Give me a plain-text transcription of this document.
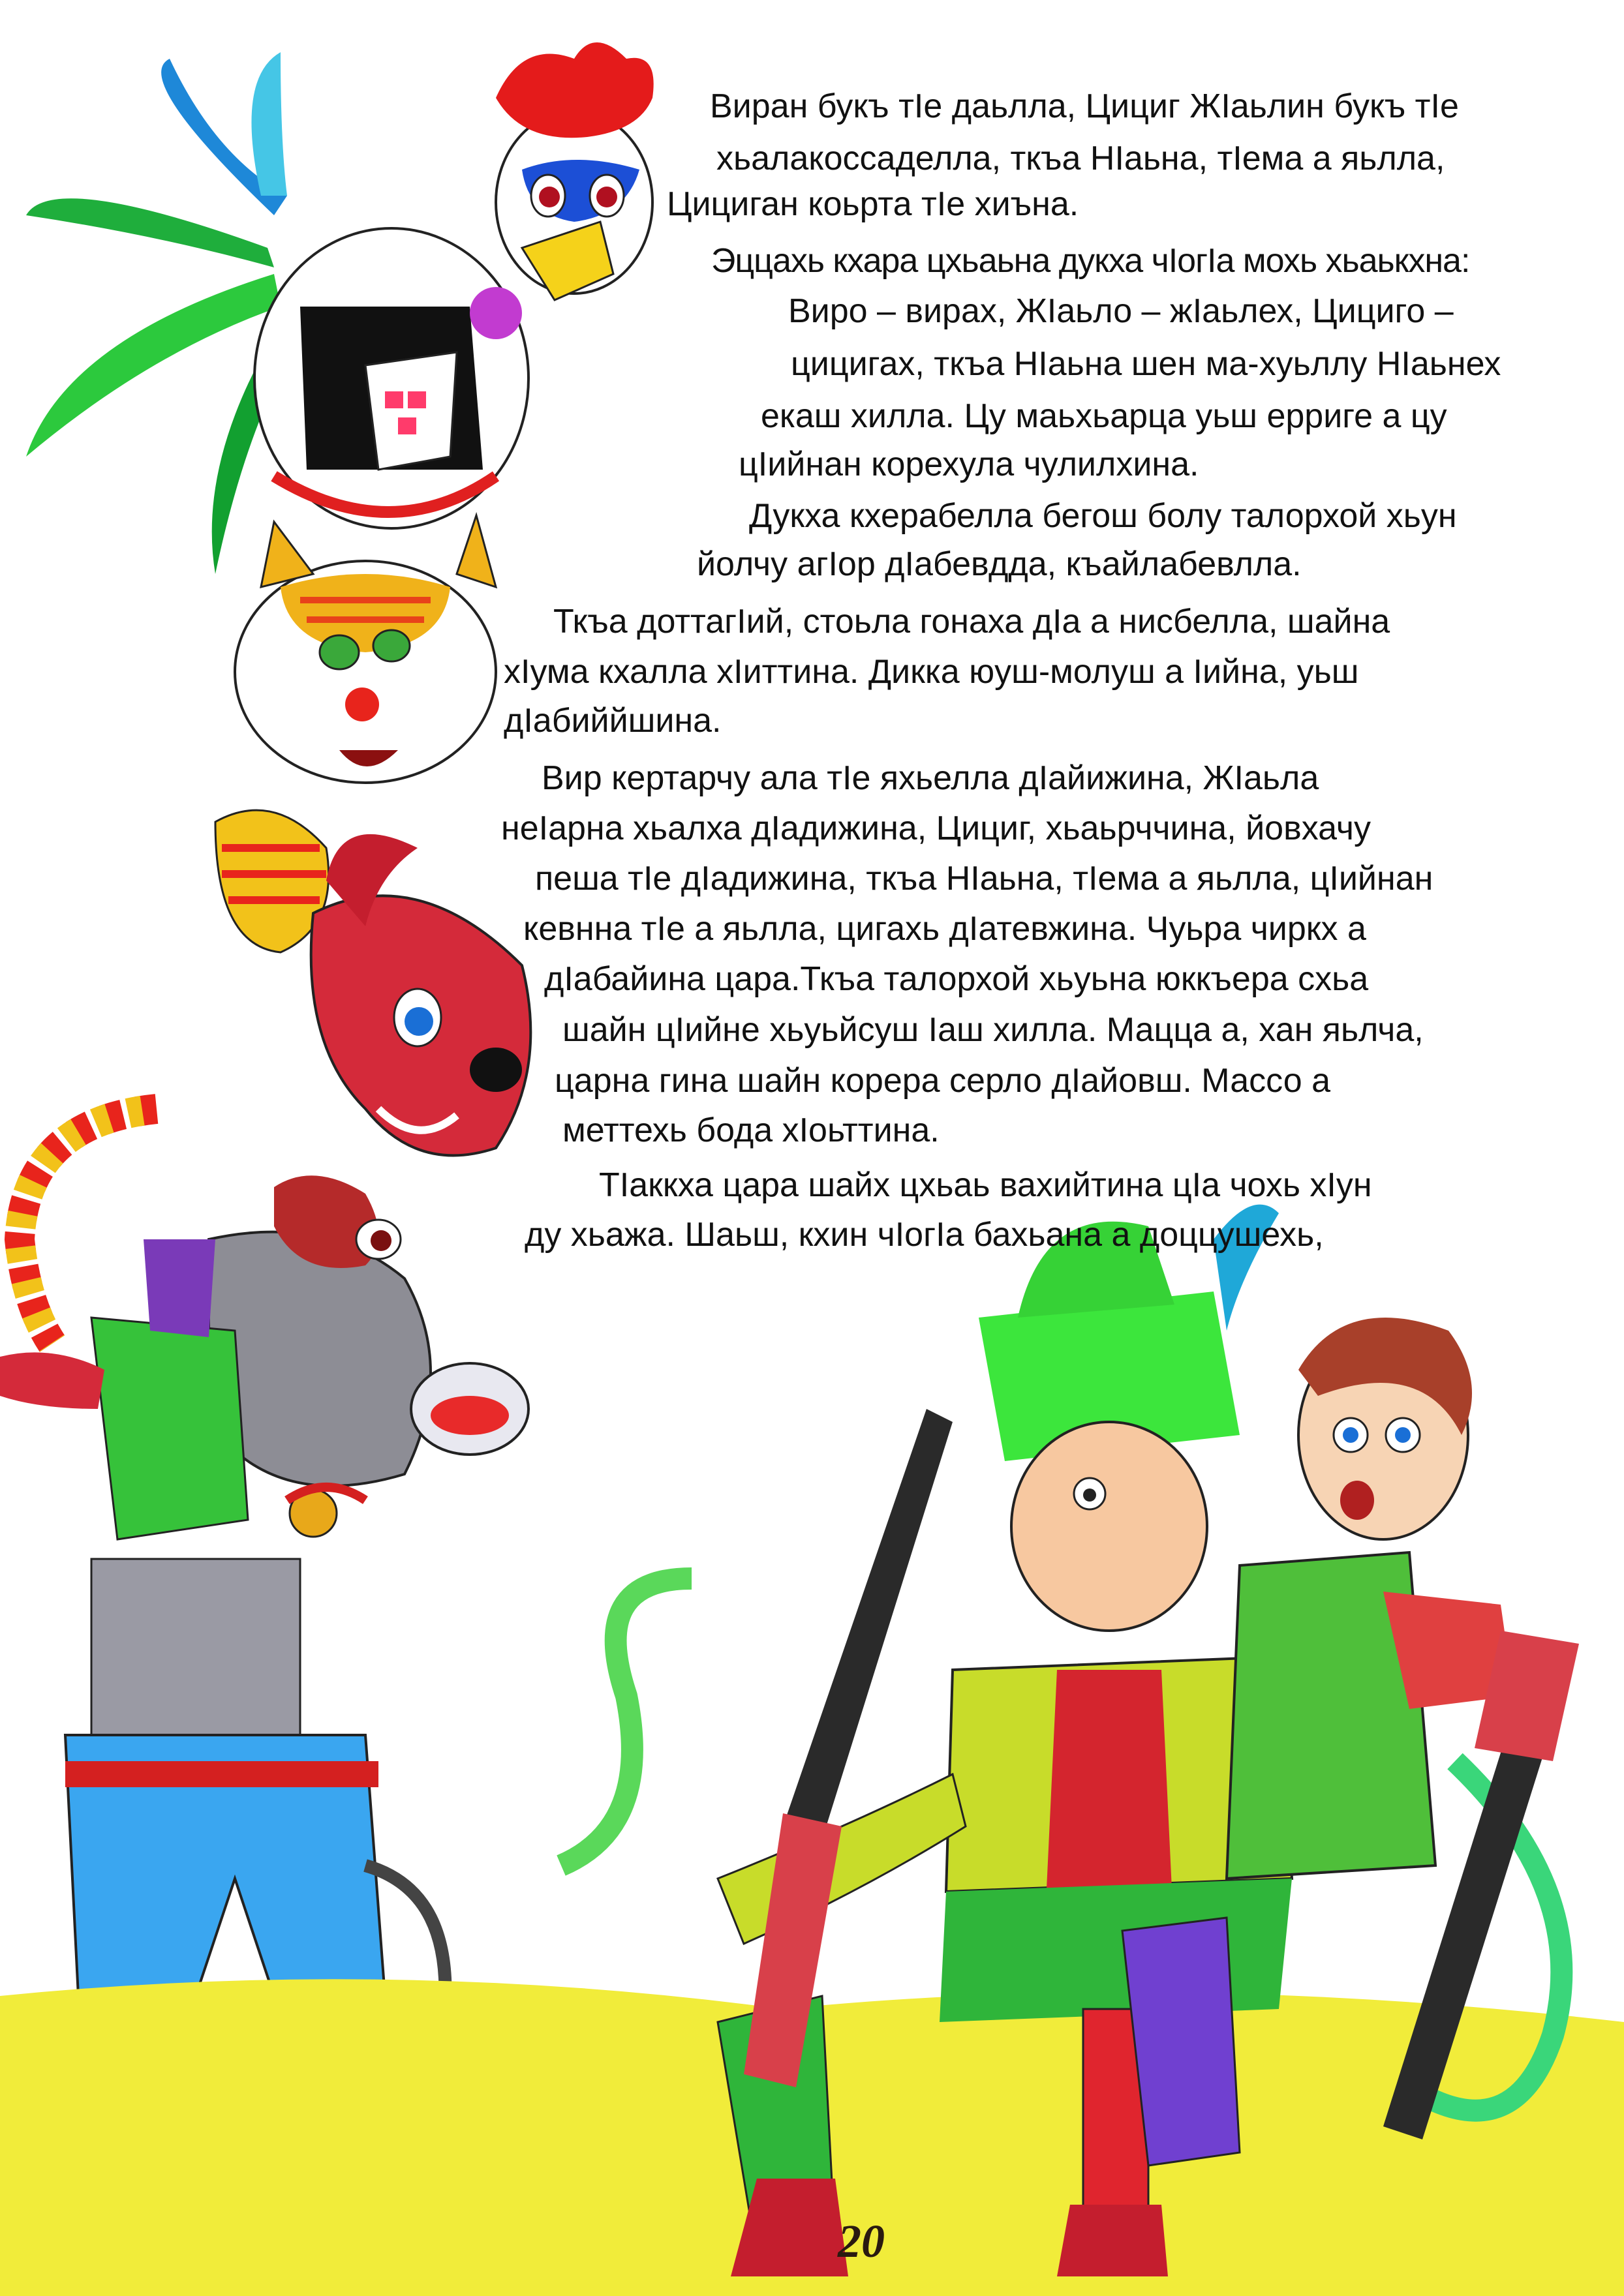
Виран букъ тIе даьлла, Цициг ЖIаьлин букъ тIе
хьалакоссаделла, ткъа НIаьна, тIема а яьлла,
Цициган коьрта тIе хиъна.
Эццахь кхара цхьаьна дукха чIогIа мохь хьаькхна:
Виро – вирах, ЖIаьло – жIаьлех, Цициго –
цицигах, ткъа НIаьна шен ма-хуьллу НIаьнех
екаш хилла. Цу маьхьарца уьш ерриге а цу
цIийнан корехула чулилхина.
Дукха кхерабелла бегош болу талорхой хьун
йолчу агIор дIабевдда, къайлабевлла.
Ткъа доттагIий, стоьла гонаха дIа а нисбелла, шайна
хIума кхалла хIиттина. Дикка юуш-молуш а Iийна, уьш
дIабиййшина.
Вир кертарчу ала тIе яхьелла дIайижина, ЖIаьла
неIарна хьалха дIадижина, Цициг, хьаьрччина, йовхачу
пеша тIе дIадижина, ткъа НIаьна, тIема а яьлла, цIийнан
кевнна тIе а яьлла, цигахь дIатевжина. Чуьра чиркх а
дIабайина цара.Ткъа талорхой хьуьна юккъера схьа
шайн цIийне хьуьйсуш Iаш хилла. Мацца а, хан яьлча,
царна гина шайн корера серло дIайовш. Массо а
меттехь бода хIоьттина.
ТIаккха цара шайх цхьаь вахийтина цIа чохь хIун
ду хьажа. Шаьш, кхин чIогIа бахьана а доццушехь,
20
